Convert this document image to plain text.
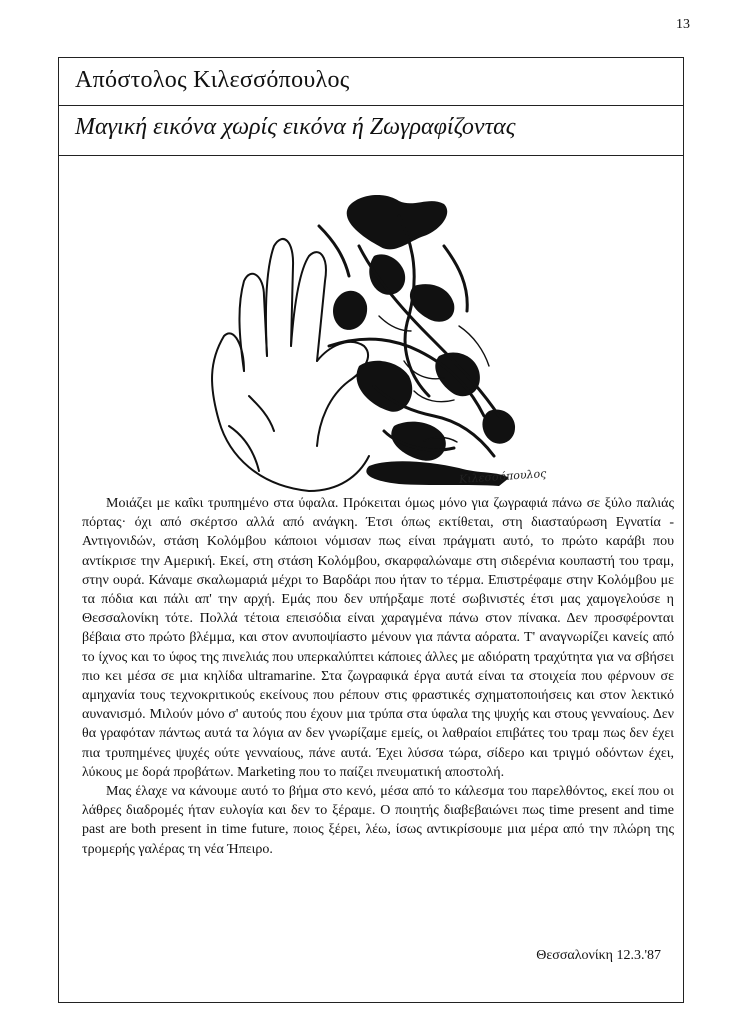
13
Απόστολος Κιλεσσόπουλος
Μαγική εικόνα χωρίς εικόνα ή Ζωγραφίζοντας
Κιλεσσόπουλος

Μοιάζει με καΐκι τρυπημένο στα ύφαλα. Πρόκειται όμως μόνο για ζωγραφιά πάνω σε ξύλο παλιάς πόρτας· όχι από σκέρτσο αλλά από ανάγκη. Έτσι όπως εκτίθεται, στη διασταύρωση Εγνατία - Αντιγονιδών, στάση Κολόμβου κάποιοι νόμισαν πως είναι πράγματι αυτό, το πρώτο καράβι που αντίκρισε την Αμερική. Εκεί, στη στάση Κολόμβου, σκαρφαλώναμε στη σιδερένια κουπαστή του τραμ, στην ουρά. Κάναμε σκαλωμαριά μέχρι το Βαρδάρι που ήταν το τέρμα. Επιστρέφαμε στην Κολόμβου με τα πόδια και πάλι απ' την αρχή. Εμάς που δεν υπήρξαμε ποτέ σωβινιστές έτσι μας χαμογελούσε η Θεσσαλονίκη τότε. Πολλά τέτοια επεισόδια είναι χαραγμένα πάνω στον πίνακα. Δεν προσφέρονται βέβαια στο πρώτο βλέμμα, και στον ανυποψίαστο μένουν για πάντα αόρατα. Τ' αναγνωρίζει κανείς από το ίχνος και το ύφος της πινελιάς που υπερκαλύπτει κάποιες άλλες με αδιόρατη τραχύτητα για να σβήσει πιο κει μέσα σε μια κηλίδα ultramarine. Στα ζωγραφικά έργα αυτά είναι τα στοιχεία που φέρνουν σε αμηχανία τους τεχνοκριτικούς εκείνους που ρέπουν στις φραστικές σχηματοποιήσεις και στον λεκτικό αυνανισμό. Μιλούν μόνο σ' αυτούς που έχουν μια τρύπα στα ύφαλα της ψυχής και στους γενναίους. Δεν θα γραφόταν πάντως αυτά τα λόγια αν δεν γνωρίζαμε εμείς, οι λαθραίοι επιβάτες του τραμ πως δεν έχει πια τρυπημένες ψυχές ούτε γενναίους, πάνε αυτά. Έχει λύσσα τώρα, σίδερο και τριγμό οδόντων έχει, λύκους με δορά προβάτων. Marketing που το παίζει πνευματική αποστολή.

Μας έλαχε να κάνουμε αυτό το βήμα στο κενό, μέσα από το κάλεσμα του παρελθόντος, εκεί που οι λάθρες διαδρομές ήταν ευλογία και δεν το ξέραμε. Ο ποιητής διαβεβαιώνει πως time present and time past are both present in time future, ποιος ξέρει, λέω, ίσως αντικρίσουμε μια μέρα από την πλώρη της τρομερής γαλέρας τη νέα Ήπειρο.

Θεσσαλονίκη 12.3.'87
